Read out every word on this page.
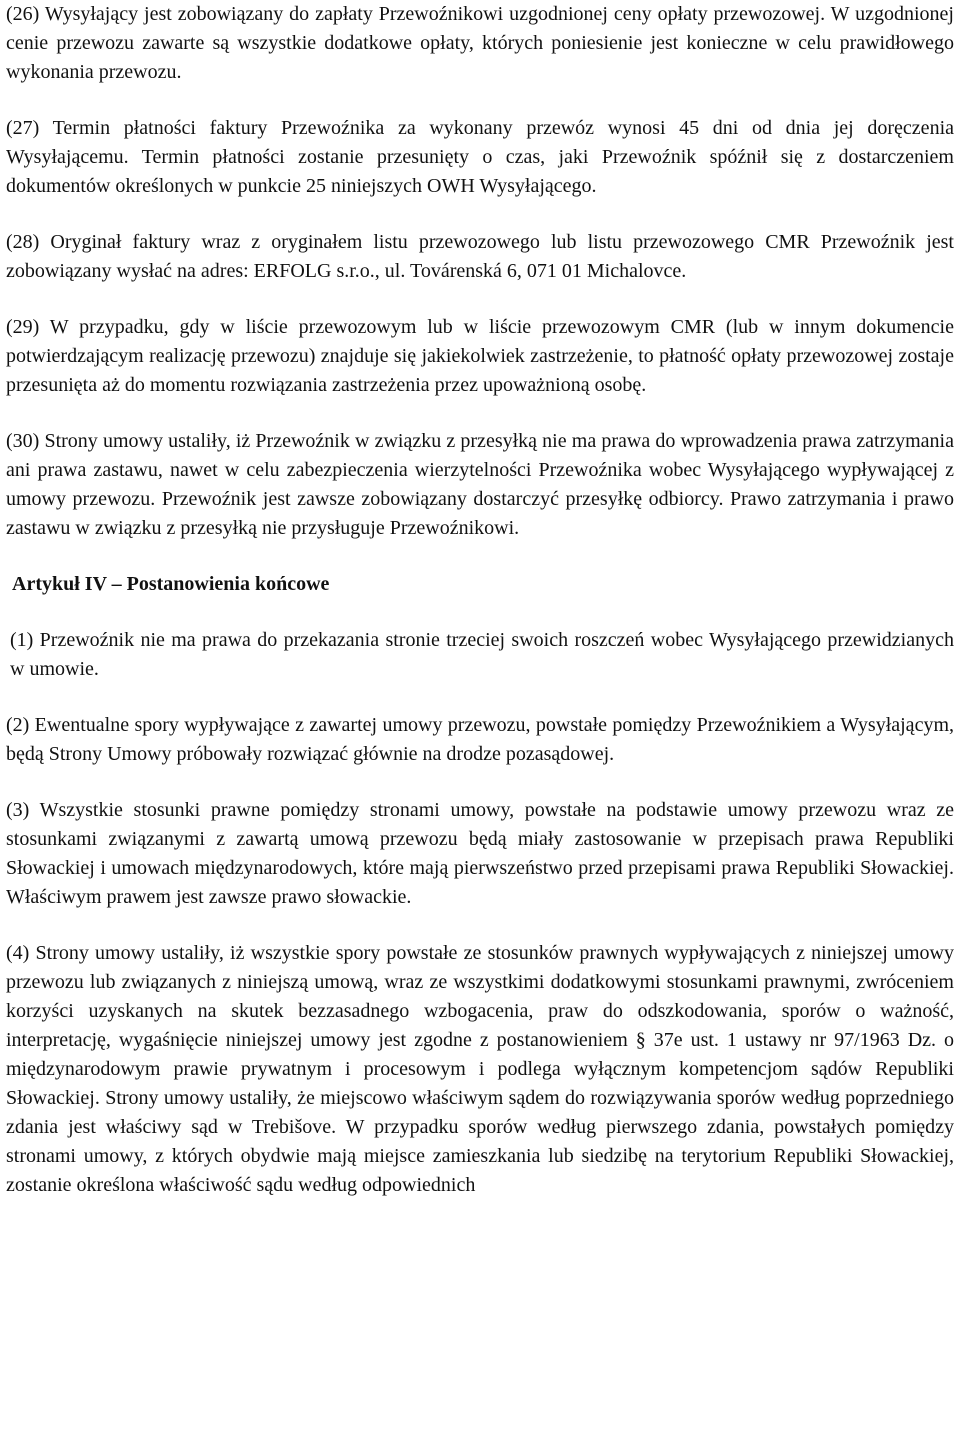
(26) Wysyłający jest zobowiązany do zapłaty Przewoźnikowi uzgodnionej ceny opłaty przewozowej. W uzgodnionej cenie przewozu zawarte są wszystkie dodatkowe opłaty, których poniesienie jest konieczne w celu prawidłowego wykonania przewozu.

(27) Termin płatności faktury Przewoźnika za wykonany przewóz wynosi 45 dni od dnia jej doręczenia Wysyłającemu. Termin płatności zostanie przesunięty o czas, jaki Przewoźnik spóźnił się z dostarczeniem dokumentów określonych w punkcie 25 niniejszych OWH Wysyłającego.

(28) Oryginał faktury wraz z oryginałem listu przewozowego lub listu przewozowego CMR Przewoźnik jest zobowiązany wysłać na adres: ERFOLG s.r.o., ul. Továrenská 6, 071 01 Michalovce.

(29) W przypadku, gdy w liście przewozowym lub w liście przewozowym CMR (lub w innym dokumencie potwierdzającym realizację przewozu) znajduje się jakiekolwiek zastrzeżenie, to płatność opłaty przewozowej zostaje przesunięta aż do momentu rozwiązania zastrzeżenia przez upoważnioną osobę.

(30) Strony umowy ustaliły, iż Przewoźnik w związku z przesyłką nie ma prawa do wprowadzenia prawa zatrzymania ani prawa zastawu, nawet w celu zabezpieczenia wierzytelności Przewoźnika wobec Wysyłającego wypływającej z umowy przewozu. Przewoźnik jest zawsze zobowiązany dostarczyć przesyłkę odbiorcy. Prawo zatrzymania i prawo zastawu w związku z przesyłką nie przysługuje Przewoźnikowi.

Artykuł IV – Postanowienia końcowe

(1) Przewoźnik nie ma prawa do przekazania stronie trzeciej swoich roszczeń wobec Wysyłającego przewidzianych w umowie.

(2) Ewentualne spory wypływające z zawartej umowy przewozu, powstałe pomiędzy Przewoźnikiem a Wysyłającym, będą Strony Umowy próbowały rozwiązać głównie na drodze pozasądowej.

(3) Wszystkie stosunki prawne pomiędzy stronami umowy, powstałe na podstawie umowy przewozu wraz ze stosunkami związanymi z zawartą umową przewozu będą miały zastosowanie w przepisach prawa Republiki Słowackiej i umowach międzynarodowych, które mają pierwszeństwo przed przepisami prawa Republiki Słowackiej. Właściwym prawem jest zawsze prawo słowackie.

(4) Strony umowy ustaliły, iż wszystkie spory powstałe ze stosunków prawnych wypływających z niniejszej umowy przewozu lub związanych z niniejszą umową, wraz ze wszystkimi dodatkowymi stosunkami prawnymi, zwróceniem korzyści uzyskanych na skutek bezzasadnego wzbogacenia, praw do odszkodowania, sporów o ważność, interpretację, wygaśnięcie niniejszej umowy jest zgodne z postanowieniem § 37e ust. 1 ustawy nr 97/1963 Dz. o międzynarodowym prawie prywatnym i procesowym i podlega wyłącznym kompetencjom sądów Republiki Słowackiej. Strony umowy ustaliły, że miejscowo właściwym sądem do rozwiązywania sporów według poprzedniego zdania jest właściwy sąd w Trebišove. W przypadku sporów według pierwszego zdania, powstałych pomiędzy stronami umowy, z których obydwie mają miejsce zamieszkania lub siedzibę na terytorium Republiki Słowackiej, zostanie określona właściwość sądu według odpowiednich
